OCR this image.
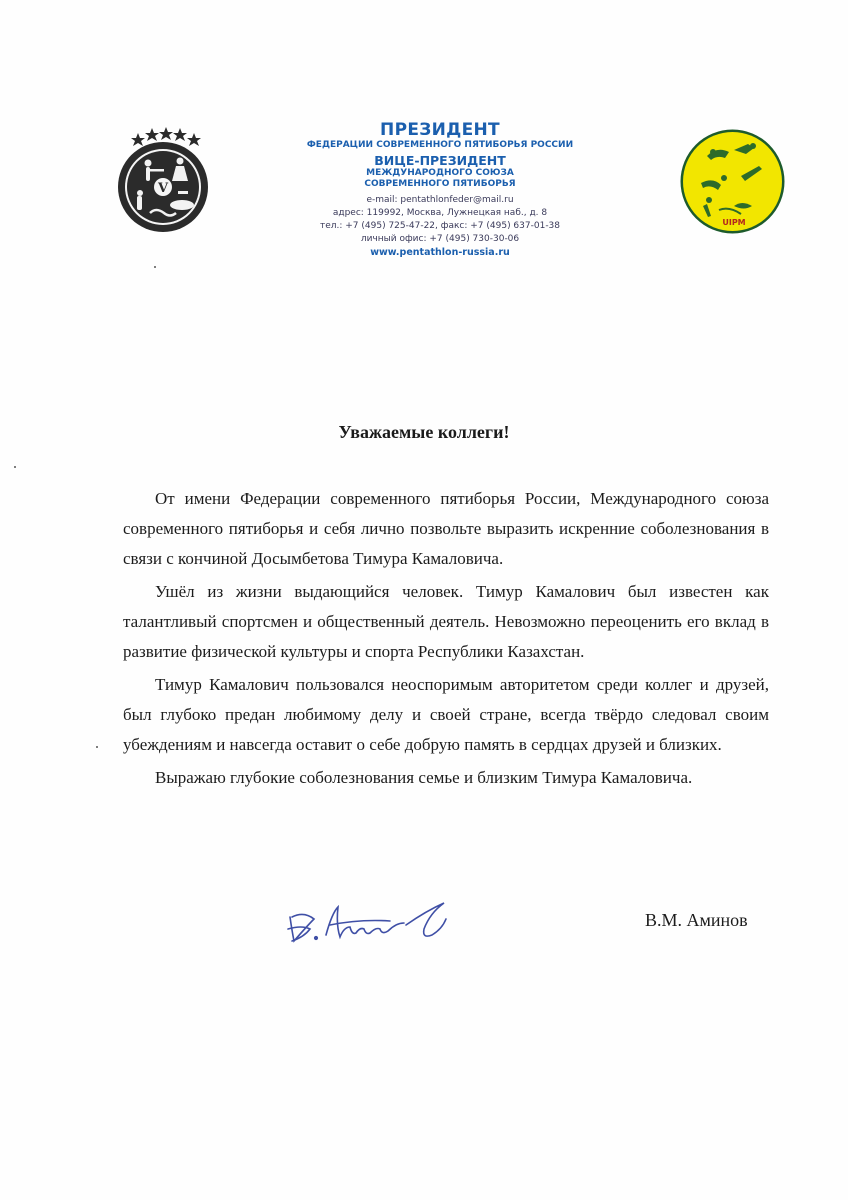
V
ПРЕЗИДЕНТ
ФЕДЕРАЦИИ СОВРЕМЕННОГО ПЯТИБОРЬЯ РОССИИ
ВИЦЕ-ПРЕЗИДЕНТ
МЕЖДУНАРОДНОГО СОЮЗА
СОВРЕМЕННОГО ПЯТИБОРЬЯ
e-mail: pentathlonfeder@mail.ru
адрес: 119992, Москва, Лужнецкая наб., д. 8
тел.: +7 (495) 725-47-22, факс: +7 (495) 637-01-38
личный офис: +7 (495) 730-30-06
www.pentathlon-russia.ru
UIPM
Уважаемые коллеги!

От имени Федерации современного пятиборья России, Международного союза современного пятиборья и себя лично позвольте выразить искренние соболезнования в связи с кончиной Досымбетова Тимура Камаловича.

Ушёл из жизни выдающийся человек. Тимур Камалович был известен как талантливый спортсмен и общественный деятель. Невозможно переоценить его вклад в развитие физической культуры и спорта Республики Казахстан.

Тимур Камалович пользовался неоспоримым авторитетом среди коллег и друзей, был глубоко предан любимому делу и своей стране, всегда твёрдо следовал своим убеждениям и навсегда оставит о себе добрую память в сердцах друзей и близких.

Выражаю глубокие соболезнования семье и близким Тимура Камаловича.

В.М. Аминов
